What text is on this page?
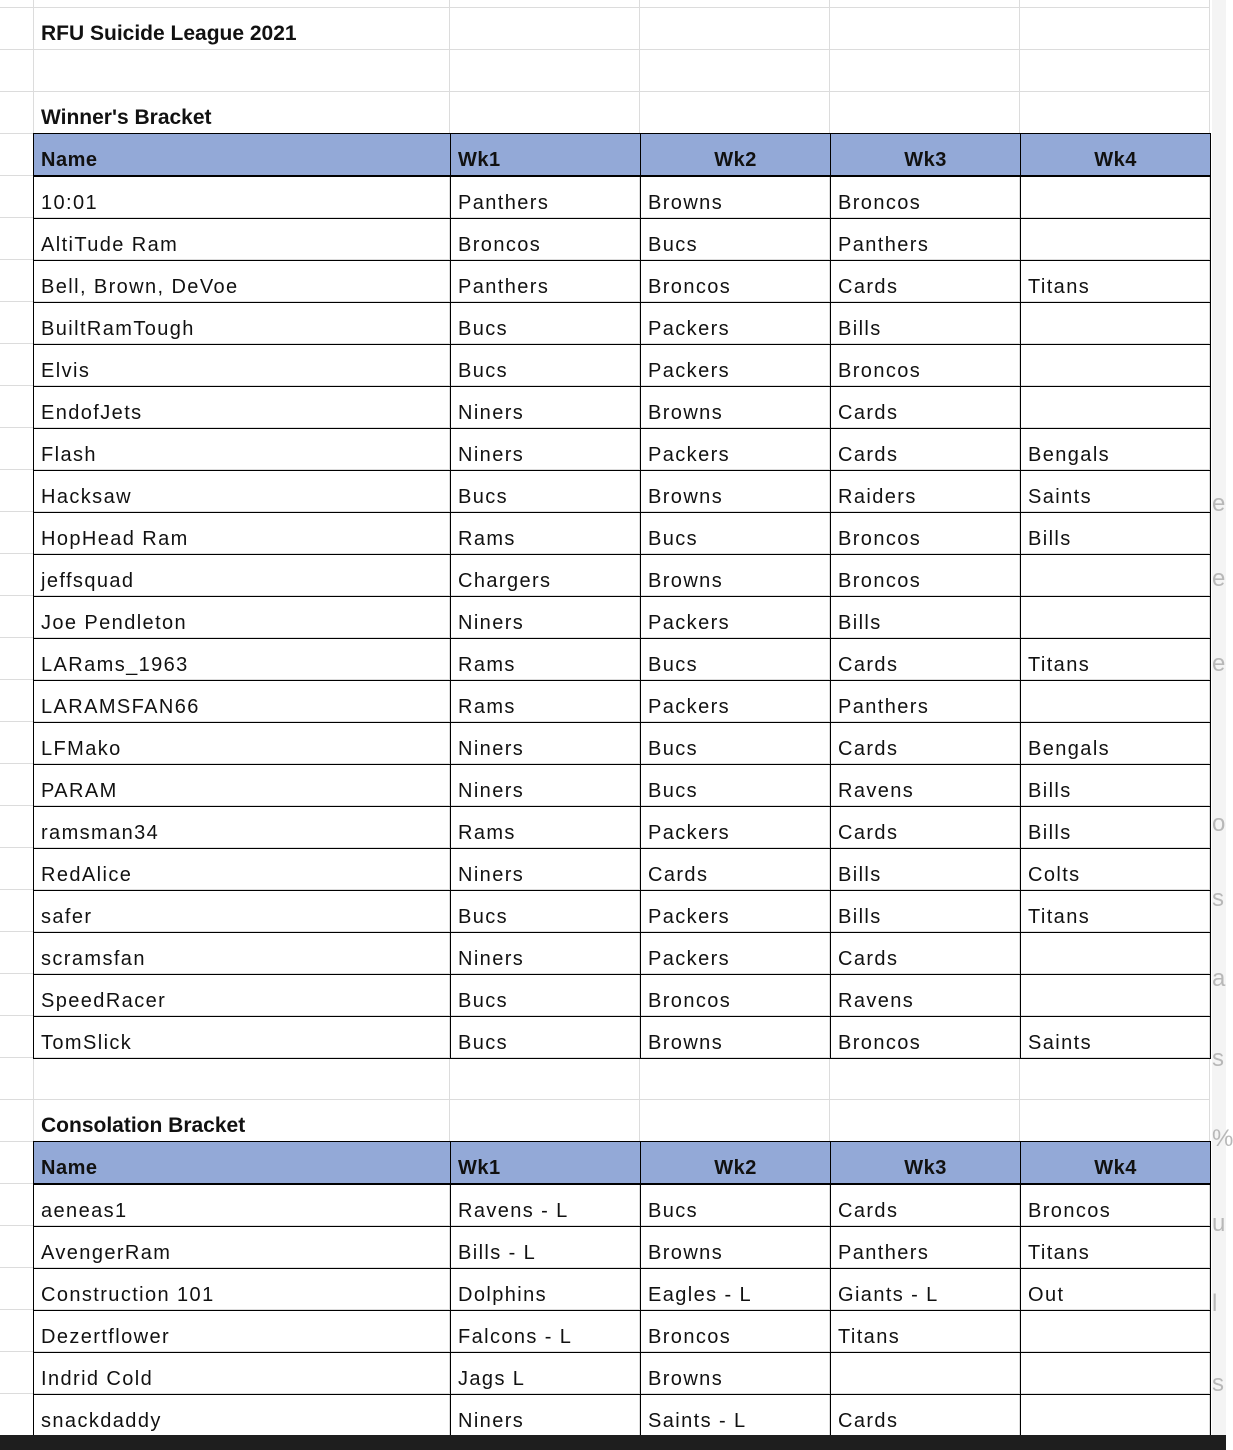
e
e
e
o
s
a
s
%
u
l
s
RFU Suicide League 2021
Winner's Bracket
Name	Wk1	Wk2	Wk3	Wk4
10:01	Panthers	Browns	Broncos	
AltiTude Ram	Broncos	Bucs	Panthers	
Bell, Brown, DeVoe	Panthers	Broncos	Cards	Titans
BuiltRamTough	Bucs	Packers	Bills	
Elvis	Bucs	Packers	Broncos	
EndofJets	Niners	Browns	Cards	
Flash	Niners	Packers	Cards	Bengals
Hacksaw	Bucs	Browns	Raiders	Saints
HopHead Ram	Rams	Bucs	Broncos	Bills
jeffsquad	Chargers	Browns	Broncos	
Joe Pendleton	Niners	Packers	Bills	
LARams_1963	Rams	Bucs	Cards	Titans
LARAMSFAN66	Rams	Packers	Panthers	
LFMako	Niners	Bucs	Cards	Bengals
PARAM	Niners	Bucs	Ravens	Bills
ramsman34	Rams	Packers	Cards	Bills
RedAlice	Niners	Cards	Bills	Colts
safer	Bucs	Packers	Bills	Titans
scramsfan	Niners	Packers	Cards	
SpeedRacer	Bucs	Broncos	Ravens	
TomSlick	Bucs	Browns	Broncos	Saints
Consolation Bracket
Name	Wk1	Wk2	Wk3	Wk4
aeneas1	Ravens - L	Bucs	Cards	Broncos
AvengerRam	Bills - L	Browns	Panthers	Titans
Construction 101	Dolphins	Eagles - L	Giants - L	Out
Dezertflower	Falcons - L	Broncos	Titans	
Indrid Cold	Jags L	Browns		
snackdaddy	Niners	Saints - L	Cards	
